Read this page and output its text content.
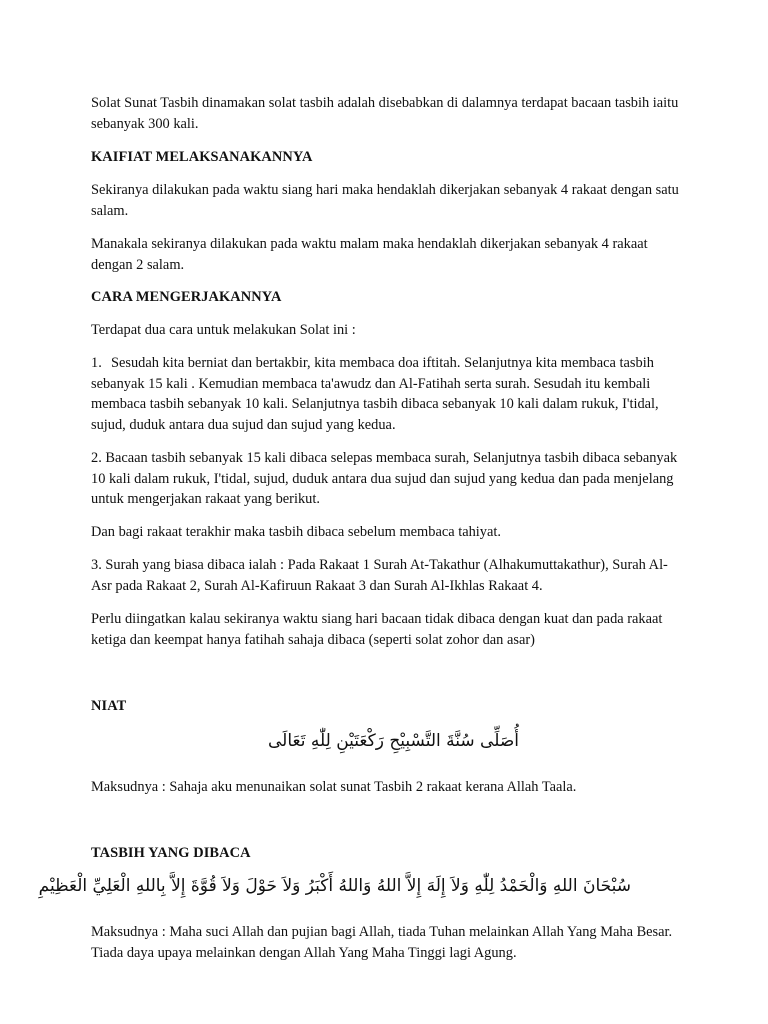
Solat Sunat Tasbih dinamakan solat tasbih adalah disebabkan di dalamnya terdapat bacaan tasbih iaitu sebanyak 300 kali.

KAIFIAT MELAKSANAKANNYA

Sekiranya dilakukan pada waktu siang hari maka hendaklah dikerjakan sebanyak 4 rakaat dengan satu salam.

Manakala sekiranya dilakukan pada waktu malam maka hendaklah dikerjakan sebanyak 4 rakaat dengan 2 salam.

CARA MENGERJAKANNYA

Terdapat dua cara untuk melakukan Solat ini :

1. Sesudah kita berniat dan bertakbir, kita membaca doa iftitah. Selanjutnya kita membaca tasbih sebanyak 15 kali . Kemudian membaca ta'awudz dan Al-Fatihah serta surah. Sesudah itu kembali membaca tasbih sebanyak 10 kali. Selanjutnya tasbih dibaca sebanyak 10 kali dalam rukuk, I'tidal, sujud, duduk antara dua sujud dan sujud yang kedua.

2. Bacaan tasbih sebanyak 15 kali dibaca selepas membaca surah, Selanjutnya tasbih dibaca sebanyak 10 kali dalam rukuk, I'tidal, sujud, duduk antara dua sujud dan sujud yang kedua dan pada menjelang untuk mengerjakan rakaat yang berikut.

Dan bagi rakaat terakhir maka tasbih dibaca sebelum membaca tahiyat.

3. Surah yang biasa dibaca ialah : Pada Rakaat 1 Surah At-Takathur (Alhakumuttakathur), Surah Al-Asr pada Rakaat 2, Surah Al-Kafiruun Rakaat 3 dan Surah Al-Ikhlas Rakaat 4.

Perlu diingatkan kalau sekiranya waktu siang hari bacaan tidak dibaca dengan kuat dan pada rakaat ketiga dan keempat hanya fatihah sahaja dibaca (seperti solat zohor dan asar)

NIAT

أُصَلِّى سُنَّةَ التَّسْبِيْحِ رَكْعَتَيْنِ لِلّٰهِ تَعَالَى

Maksudnya : Sahaja aku menunaikan solat sunat Tasbih 2 rakaat kerana Allah Taala.

TASBIH YANG DIBACA

سُبْحَانَ اللهِ وَالْحَمْدُ لِلّٰهِ وَلاَ إِلَهَ إِلاَّ اللهُ وَاللهُ أَكْبَرُ وَلاَ حَوْلَ وَلاَ قُوَّةَ إِلاَّ بِاللهِ الْعَلِيِّ الْعَظِيْمِ

Maksudnya : Maha suci Allah dan pujian bagi Allah, tiada Tuhan melainkan Allah Yang Maha Besar. Tiada daya upaya melainkan dengan Allah Yang Maha Tinggi lagi Agung.
